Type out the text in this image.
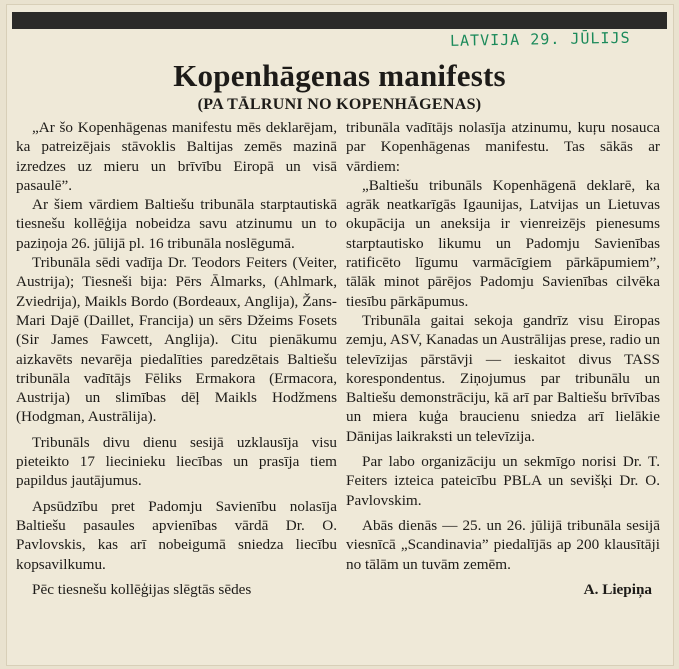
LATVIJA 29. JŪLIJS
Kopenhāgenas manifests
(PA TĀLRUNI NO KOPENHĀGENAS)

„Ar šo Kopenhāgenas manifestu mēs deklarējam, ka patreizējais stāvoklis Baltijas zemēs mazinā izredzes uz mieru un brīvību Eiropā un visā pasaulē”.

Ar šiem vārdiem Baltiešu tribunāla starptautiskā tiesnešu kollēģija nobeidza savu atzinumu un to paziņoja 26. jūlijā pl. 16 tribunāla noslēgumā.

Tribunāla sēdi vadīja Dr. Teodors Feiters (Veiter, Austrija); Tiesneši bija: Pērs Ālmarks, (Ahlmark, Zviedrija), Maikls Bordo (Bordeaux, Anglija), Žans-Mari Dajē (Daillet, Francija) un sērs Džeims Fosets (Sir James Fawcett, Anglija). Citu pienākumu aizkavēts nevarēja piedalīties paredzētais Baltiešu tribunāla vadītājs Fēliks Ermakora (Ermacora, Austrija) un slimības dēļ Maikls Hodžmens (Hodgman, Austrālija).

Tribunāls divu dienu sesijā uzklausīja visu pieteikto 17 liecinieku liecības un prasīja tiem papildus jautājumus.

Apsūdzību pret Padomju Savienību nolasīja Baltiešu pasaules apvienības vārdā Dr. O. Pavlovskis, kas arī nobeigumā sniedza liecību kopsavilkumu.

Pēc tiesnešu kollēģijas slēgtās sēdes

tribunāla vadītājs nolasīja atzinumu, kuŗu nosauca par Kopenhāgenas manifestu. Tas sākās ar vārdiem:

„Baltiešu tribunāls Kopenhāgenā deklarē, ka agrāk neatkarīgās Igaunijas, Latvijas un Lietuvas okupācija un aneksija ir vienreizējs pienesums starptautisko likumu un Padomju Savienības ratificēto līgumu varmācīgiem pārkāpumiem”, tālāk minot pārējos Padomju Savienības cilvēka tiesību pārkāpumus.

Tribunāla gaitai sekoja gandrīz visu Eiropas zemju, ASV, Kanadas un Austrālijas prese, radio un televīzijas pārstāvji — ieskaitot divus TASS korespondentus. Ziņojumus par tribunālu un Baltiešu demonstrāciju, kā arī par Baltiešu brīvības un miera kuģa braucienu sniedza arī lielākie Dānijas laikraksti un televīzija.

Par labo organizāciju un sekmīgo norisi Dr. T. Feiters izteica pateicību PBLA un sevišķi Dr. O. Pavlovskim.

Abās dienās — 25. un 26. jūlijā tribunāla sesijā viesnīcā „Scandinavia” piedalījās ap 200 klausītāji no tālām un tuvām zemēm.

A. Liepiņa
